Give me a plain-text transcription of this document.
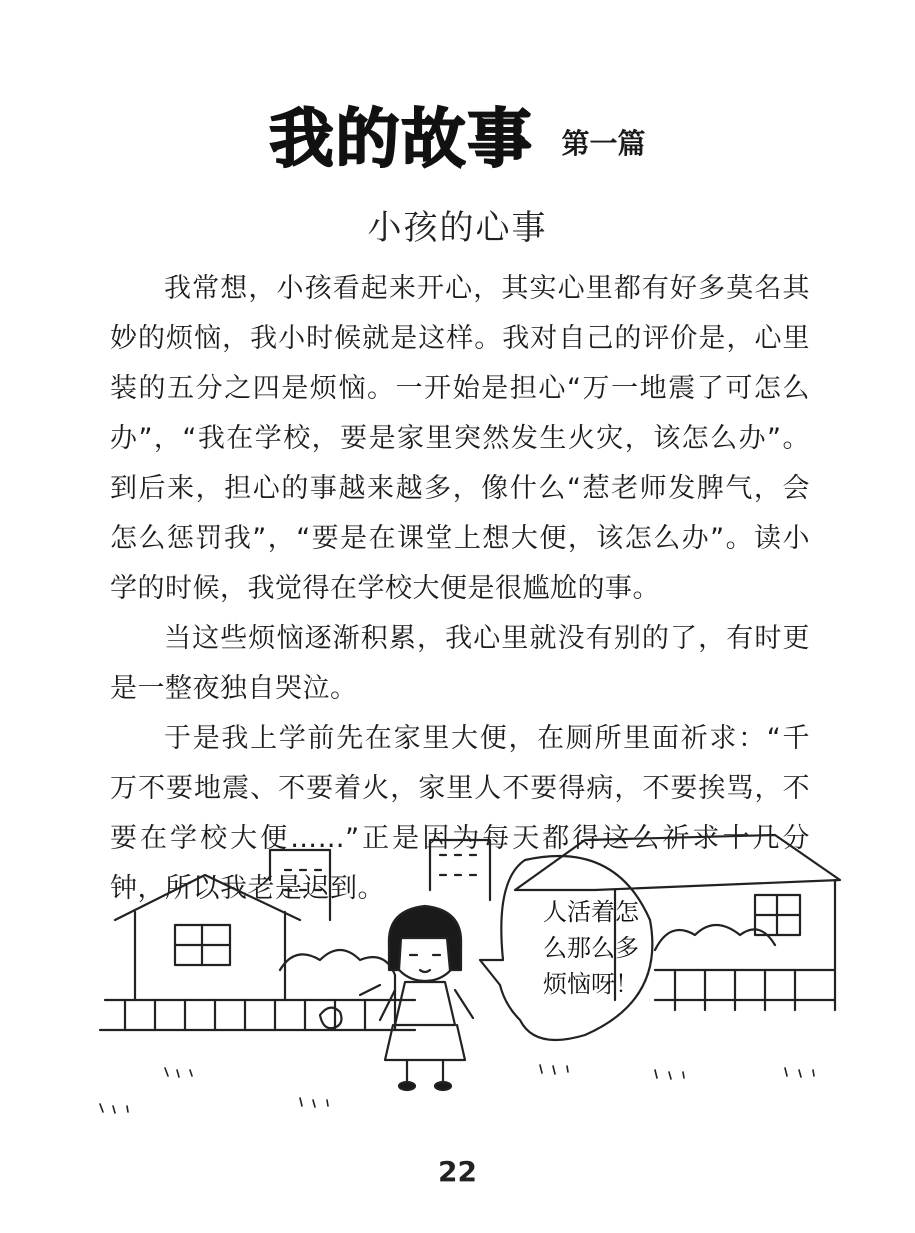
我的故事 第一篇
小孩的心事

我常想，小孩看起来开心，其实心里都有好多莫名其妙的烦恼，我小时候就是这样。我对自己的评价是，心里装的五分之四是烦恼。一开始是担心“万一地震了可怎么办”，“我在学校，要是家里突然发生火灾，该怎么办”。到后来，担心的事越来越多，像什么“惹老师发脾气，会怎么惩罚我”，“要是在课堂上想大便，该怎么办”。读小学的时候，我觉得在学校大便是很尴尬的事。

当这些烦恼逐渐积累，我心里就没有别的了，有时更是一整夜独自哭泣。

于是我上学前先在家里大便，在厕所里面祈求：“千万不要地震、不要着火，家里人不要得病，不要挨骂，不要在学校大便……”正是因为每天都得这么祈求十几分钟，所以我老是迟到。

人活着怎
么那么多
烦恼呀！
22
